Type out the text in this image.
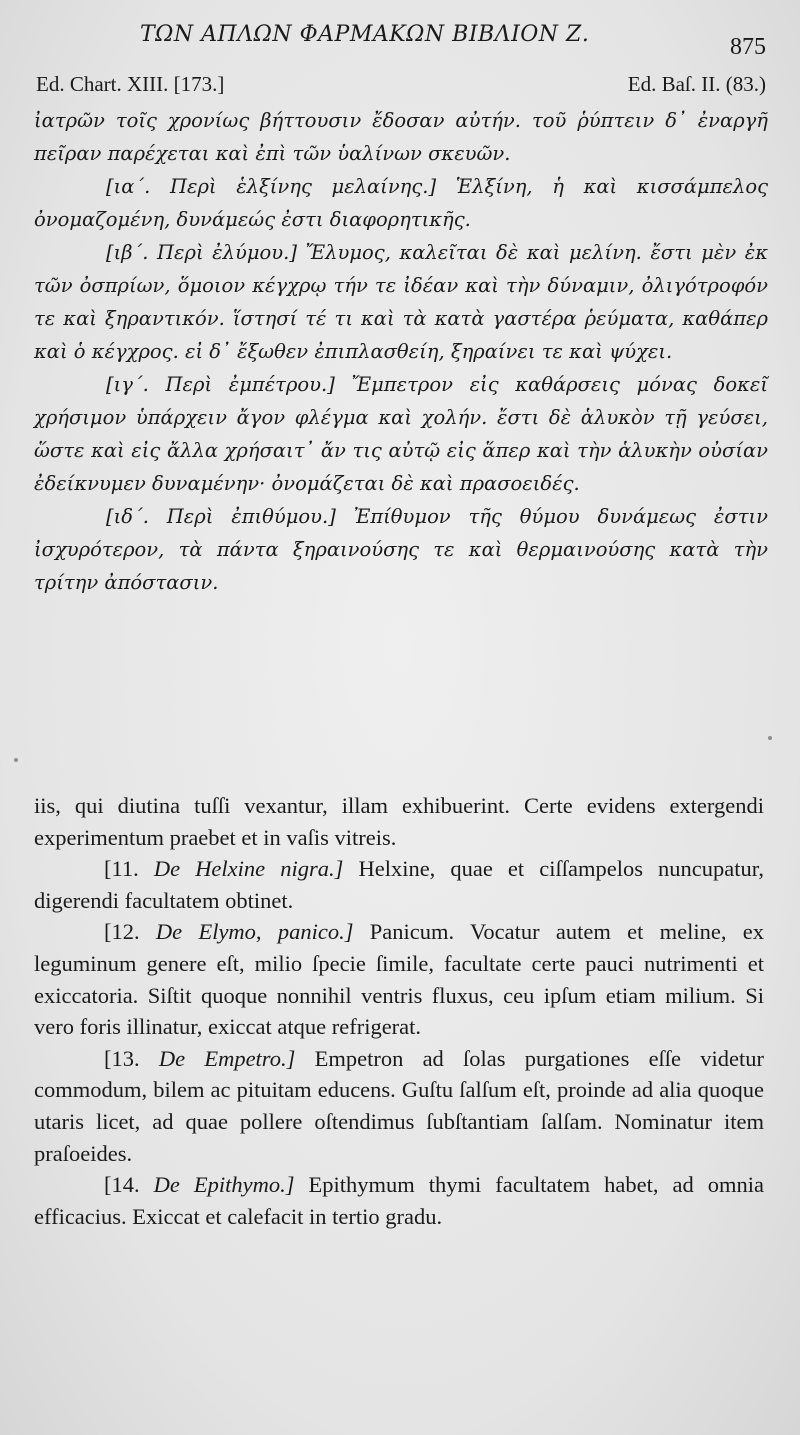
ΤΩΝ ΑΠΛΩΝ ΦΑΡΜΑΚΩΝ ΒΙΒΛΙΟΝ Ζ.	875
Ed. Chart. XIII. [173.]	Ed. Baſ. II. (83.)

ἰατρῶν τοῖς χρονίως βήττουσιν ἔδοσαν αὐτήν. τοῦ ῥύπτειν δ᾽ ἐναργῆ πεῖραν παρέχεται καὶ ἐπὶ τῶν ὑαλίνων σκευῶν.

[ια΄. Περὶ ἑλξίνης μελαίνης.] Ἑλξίνη, ἡ καὶ κισσάμπελος ὀνομαζομένη, δυνάμεώς ἐστι διαφορητικῆς.

[ιβ΄. Περὶ ἐλύμου.] Ἔλυμος, καλεῖται δὲ καὶ μελίνη. ἔστι μὲν ἐκ τῶν ὀσπρίων, ὅμοιον κέγχρῳ τήν τε ἰδέαν καὶ τὴν δύναμιν, ὀλιγότροφόν τε καὶ ξηραντικόν. ἵστησί τέ τι καὶ τὰ κατὰ γαστέρα ῥεύματα, καθάπερ καὶ ὁ κέγχρος. εἰ δ᾽ ἔξωθεν ἐπιπλασθείη, ξηραίνει τε καὶ ψύχει.

[ιγ΄. Περὶ ἐμπέτρου.] Ἔμπετρον εἰς καθάρσεις μόνας δοκεῖ χρήσιμον ὑπάρχειν ἄγον φλέγμα καὶ χολήν. ἔστι δὲ ἁλυκὸν τῇ γεύσει, ὥστε καὶ εἰς ἄλλα χρήσαιτ᾽ ἄν τις αὐτῷ εἰς ἅπερ καὶ τὴν ἁλυκὴν οὐσίαν ἐδείκνυμεν δυναμένην· ὀνομάζεται δὲ καὶ πρασοειδές.

[ιδ΄. Περὶ ἐπιθύμου.] Ἐπίθυμον τῆς θύμου δυνάμεως ἐστιν ἰσχυρότερον, τὰ πάντα ξηραινούσης τε καὶ θερμαινούσης κατὰ τὴν τρίτην ἀπόστασιν.

iis, qui diutina tuſſi vexantur, illam exhibuerint. Certe evidens extergendi experimentum praebet et in vaſis vitreis.

[11. De Helxine nigra.] Helxine, quae et ciſſampelos nuncupatur, digerendi facultatem obtinet.

[12. De Elymo, panico.] Panicum. Vocatur autem et meline, ex leguminum genere eſt, milio ſpecie ſimile, facultate certe pauci nutrimenti et exiccatoria. Siſtit quoque nonnihil ventris fluxus, ceu ipſum etiam milium. Si vero foris illinatur, exiccat atque refrigerat.

[13. De Empetro.] Empetron ad ſolas purgationes eſſe videtur commodum, bilem ac pituitam educens. Guſtu ſalſum eſt, proinde ad alia quoque utaris licet, ad quae pollere oſtendimus ſubſtantiam ſalſam. Nominatur item praſoeides.

[14. De Epithymo.] Epithymum thymi facultatem habet, ad omnia efficacius. Exiccat et calefacit in tertio gradu.
